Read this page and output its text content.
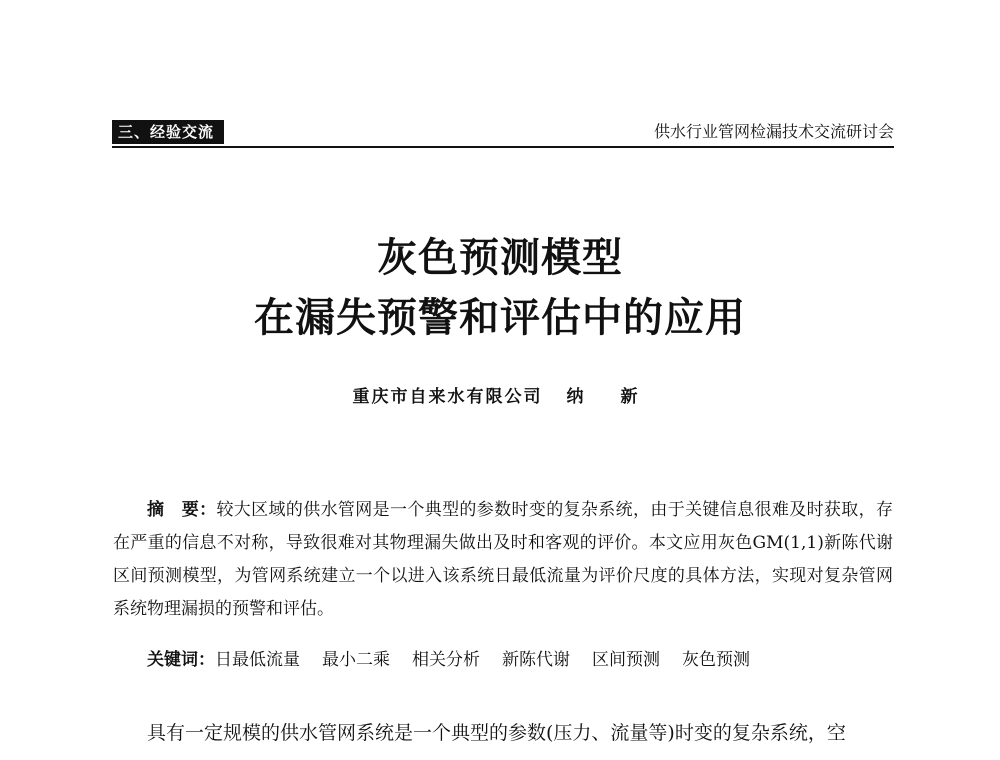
三、经验交流	供水行业管网检漏技术交流研讨会
灰色预测模型
在漏失预警和评估中的应用
重庆市自来水有限公司 纳　新
摘　要：较大区域的供水管网是一个典型的参数时变的复杂系统，由于关键信息很难及时获取，存在严重的信息不对称，导致很难对其物理漏失做出及时和客观的评价。本文应用灰色GM(1,1)新陈代谢区间预测模型，为管网系统建立一个以进入该系统日最低流量为评价尺度的具体方法，实现对复杂管网系统物理漏损的预警和评估。
关键词：日最低流量 最小二乘 相关分析 新陈代谢 区间预测 灰色预测
具有一定规模的供水管网系统是一个典型的参数(压力、流量等)时变的复杂系统，空
